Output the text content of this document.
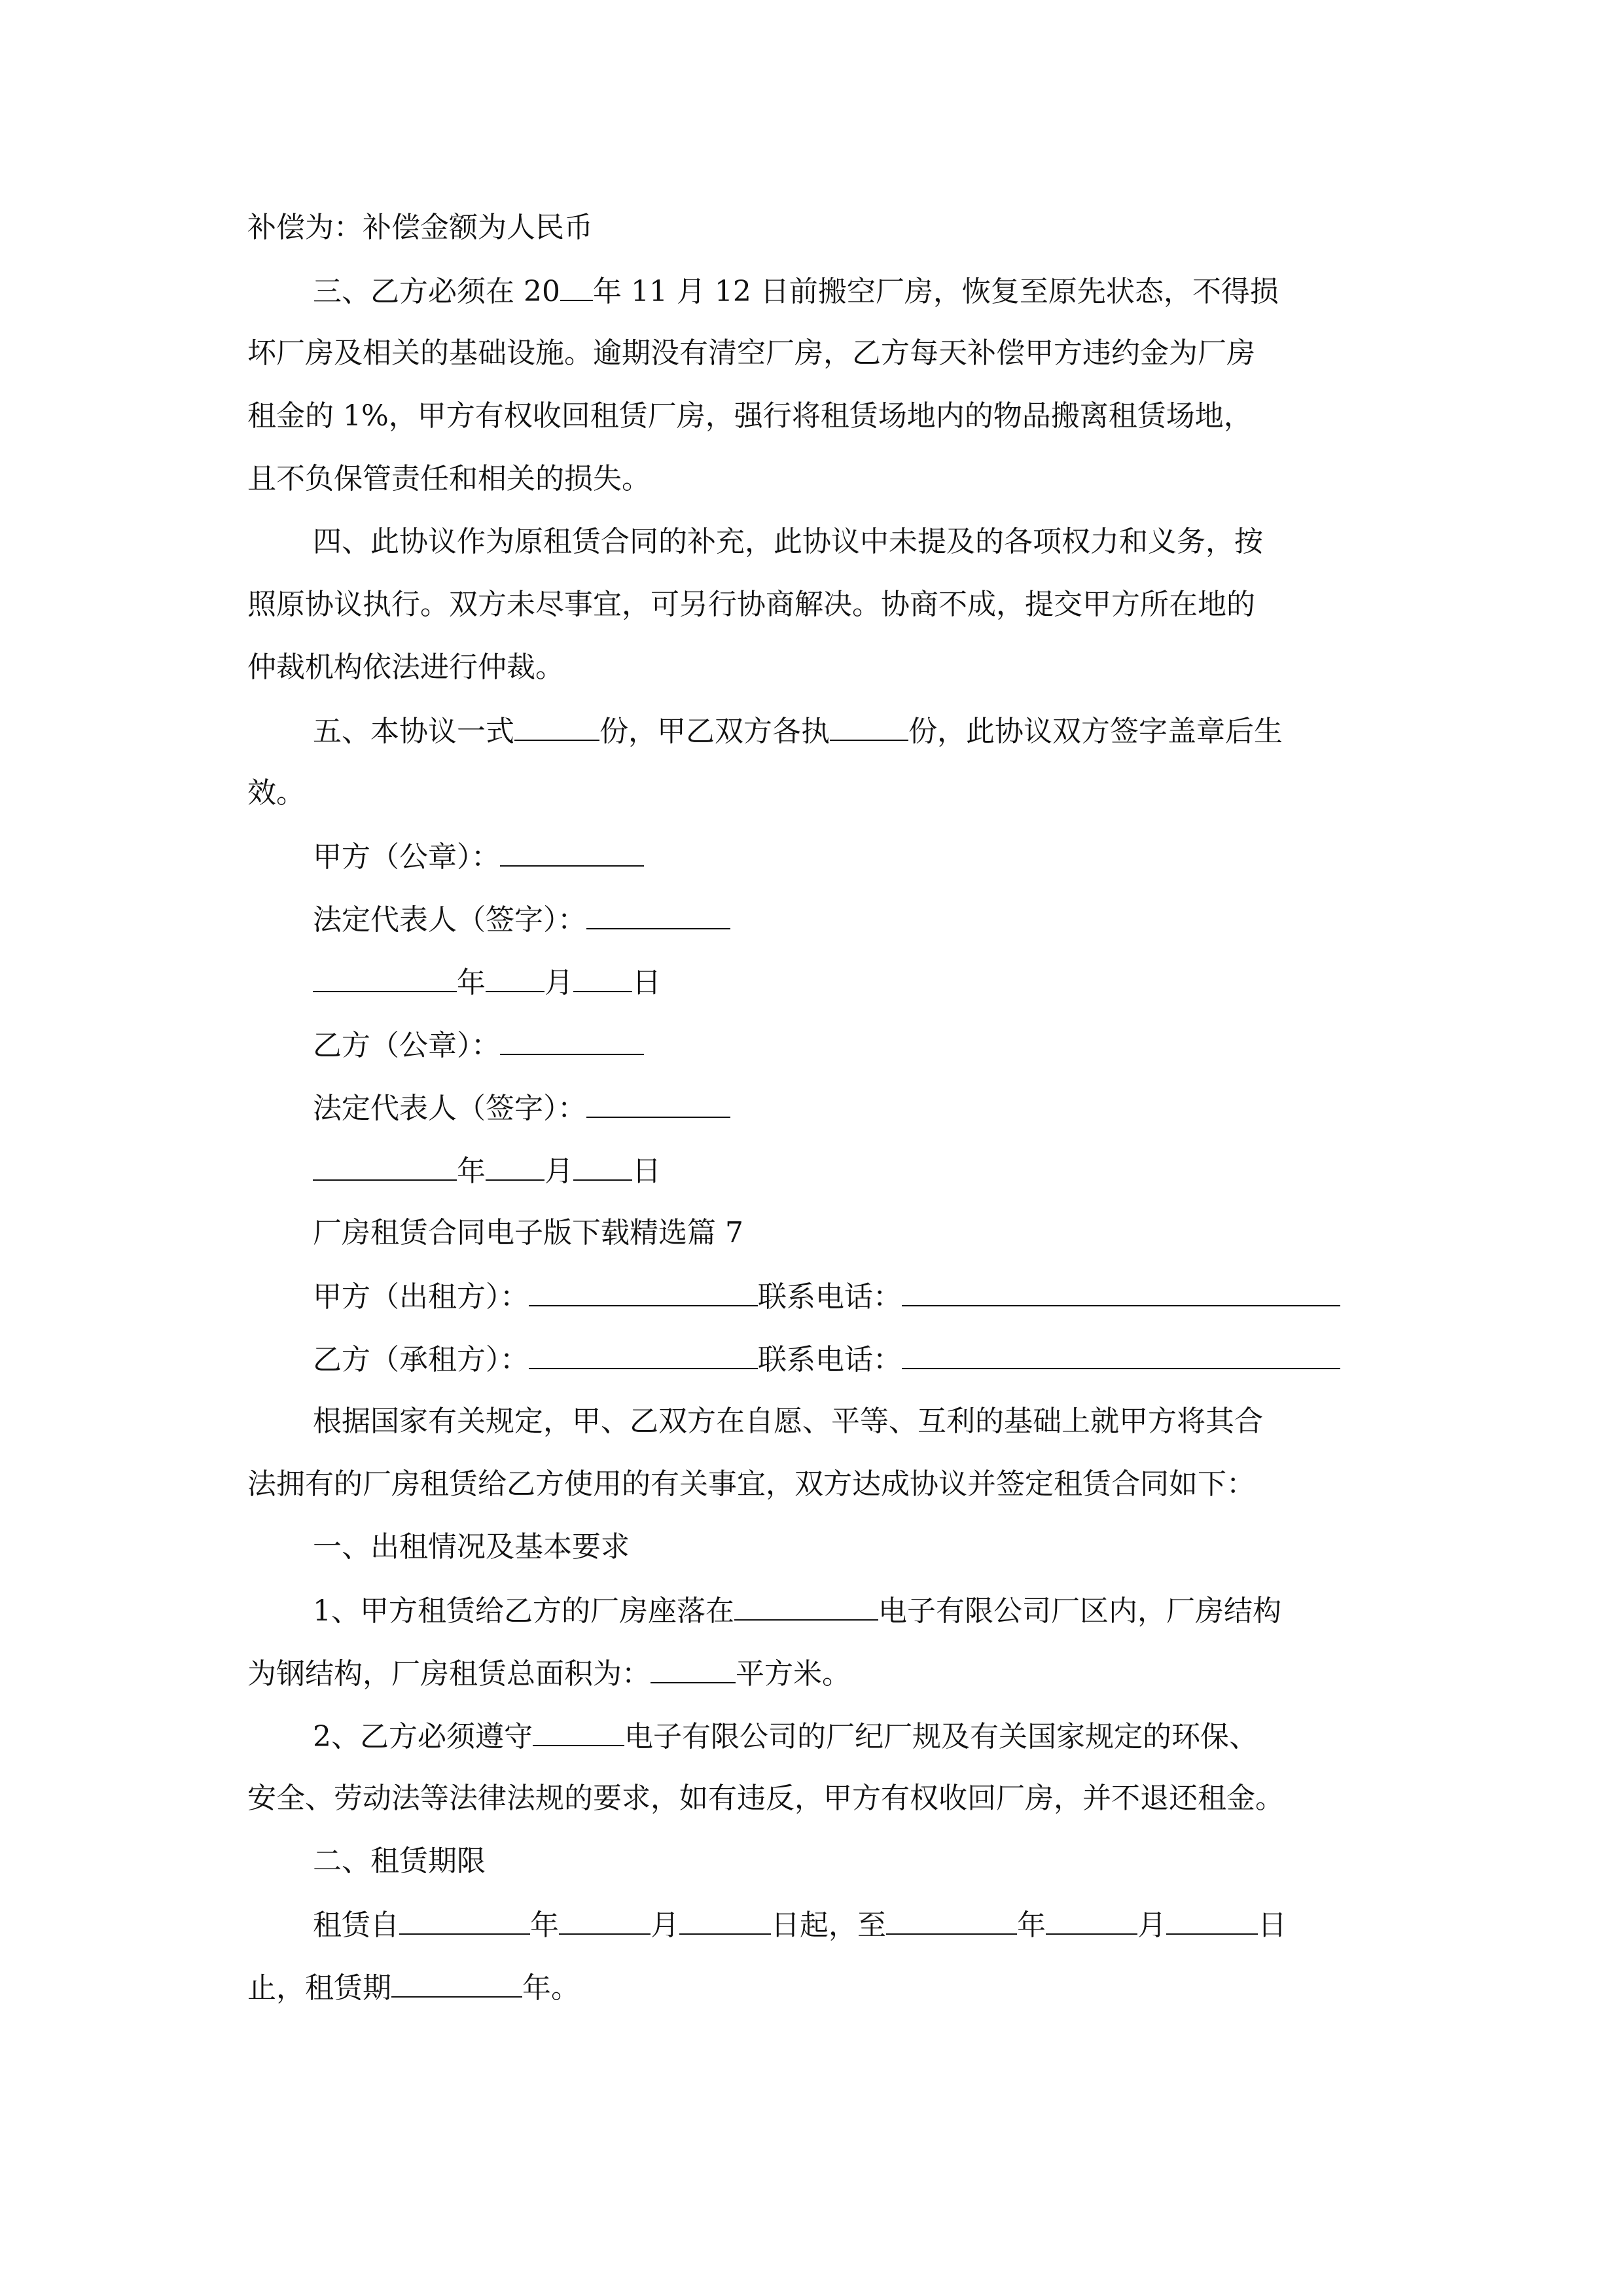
补偿为：补偿金额为人民币
三、乙方必须在 20 年 11 月 12 日前搬空厂房，恢复至原先状态，不得损
坏厂房及相关的基础设施。逾期没有清空厂房，乙方每天补偿甲方违约金为厂房
租金的 1%，甲方有权收回租赁厂房，强行将租赁场地内的物品搬离租赁场地，
且不负保管责任和相关的损失。
四、此协议作为原租赁合同的补充，此协议中未提及的各项权力和义务，按
照原协议执行。双方未尽事宜，可另行协商解决。协商不成，提交甲方所在地的
仲裁机构依法进行仲裁。
五、本协议一式	份，甲乙双方各执	份，此协议双方签字盖章后生
效。
甲方（公章）：
法定代表人（签字）：
年 月 日
乙方（公章）：
法定代表人（签字）：
年 月 日
厂房租赁合同电子版下载精选篇 7
甲方（出租方）：	联系电话：
乙方（承租方）：	联系电话：
根据国家有关规定，甲、乙双方在自愿、平等、互利的基础上就甲方将其合
法拥有的厂房租赁给乙方使用的有关事宜，双方达成协议并签定租赁合同如下：
一、出租情况及基本要求
1、甲方租赁给乙方的厂房座落在	电子有限公司厂区内，厂房结构
为钢结构，厂房租赁总面积为：	平方米。
2、乙方必须遵守	电子有限公司的厂纪厂规及有关国家规定的环保、
安全、劳动法等法律法规的要求，如有违反，甲方有权收回厂房，并不退还租金。
二、租赁期限
租赁自	年	月	日起，至	年	月	日
止，租赁期	年。
